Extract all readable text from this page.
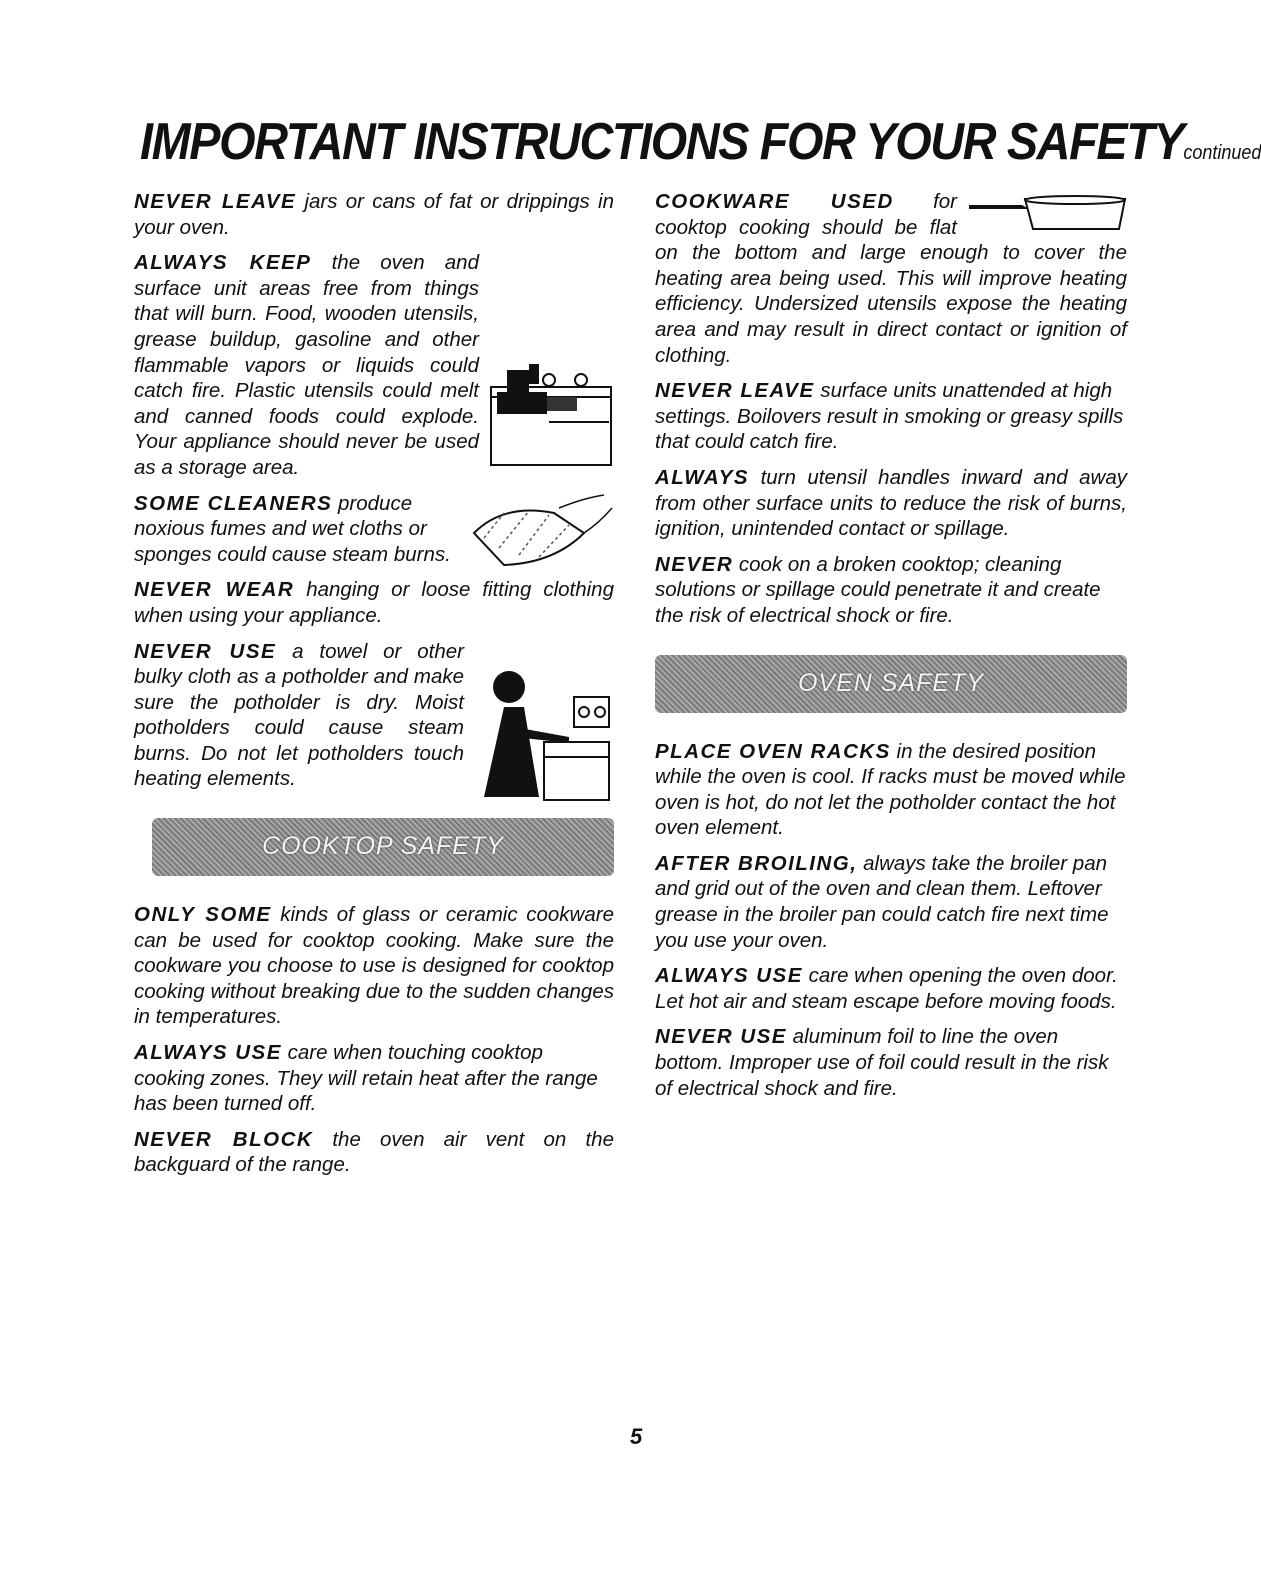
IMPORTANT INSTRUCTIONS FOR YOUR SAFETYcontinued

NEVER LEAVE jars or cans of fat or drippings in your oven.

ALWAYS KEEP the oven and surface unit areas free from things that will burn. Food, wooden utensils, grease buildup, gasoline and other flammable vapors or liquids could catch fire. Plastic utensils could melt and canned foods could explode. Your appliance should never be used as a storage area.

SOME CLEANERS produce noxious fumes and wet cloths or sponges could cause steam burns.

NEVER WEAR hanging or loose fitting clothing when using your appliance.

NEVER USE a towel or other bulky cloth as a potholder and make sure the potholder is dry. Moist potholders could cause steam burns. Do not let potholders touch heating elements.

COOKTOP SAFETY

ONLY SOME kinds of glass or ceramic cookware can be used for cooktop cooking. Make sure the cookware you choose to use is designed for cooktop cooking without breaking due to the sudden changes in temperatures.

ALWAYS USE care when touching cooktop cooking zones. They will retain heat after the range has been turned off.

NEVER BLOCK the oven air vent on the backguard of the range.

COOKWARE USED for cooktop cooking should be flat on the bottom and large enough to cover the heating area being used. This will improve heating efficiency. Undersized utensils expose the heating area and may result in direct contact or ignition of clothing.

NEVER LEAVE surface units unattended at high settings. Boilovers result in smoking or greasy spills that could catch fire.

ALWAYS turn utensil handles inward and away from other surface units to reduce the risk of burns, ignition, unintended contact or spillage.

NEVER cook on a broken cooktop; cleaning solutions or spillage could penetrate it and create the risk of electrical shock or fire.

OVEN SAFETY

PLACE OVEN RACKS in the desired position while the oven is cool. If racks must be moved while oven is hot, do not let the potholder contact the hot oven element.

AFTER BROILING, always take the broiler pan and grid out of the oven and clean them. Leftover grease in the broiler pan could catch fire next time you use your oven.

ALWAYS USE care when opening the oven door. Let hot air and steam escape before moving foods.

NEVER USE aluminum foil to line the oven bottom. Improper use of foil could result in the risk of electrical shock and fire.

5
